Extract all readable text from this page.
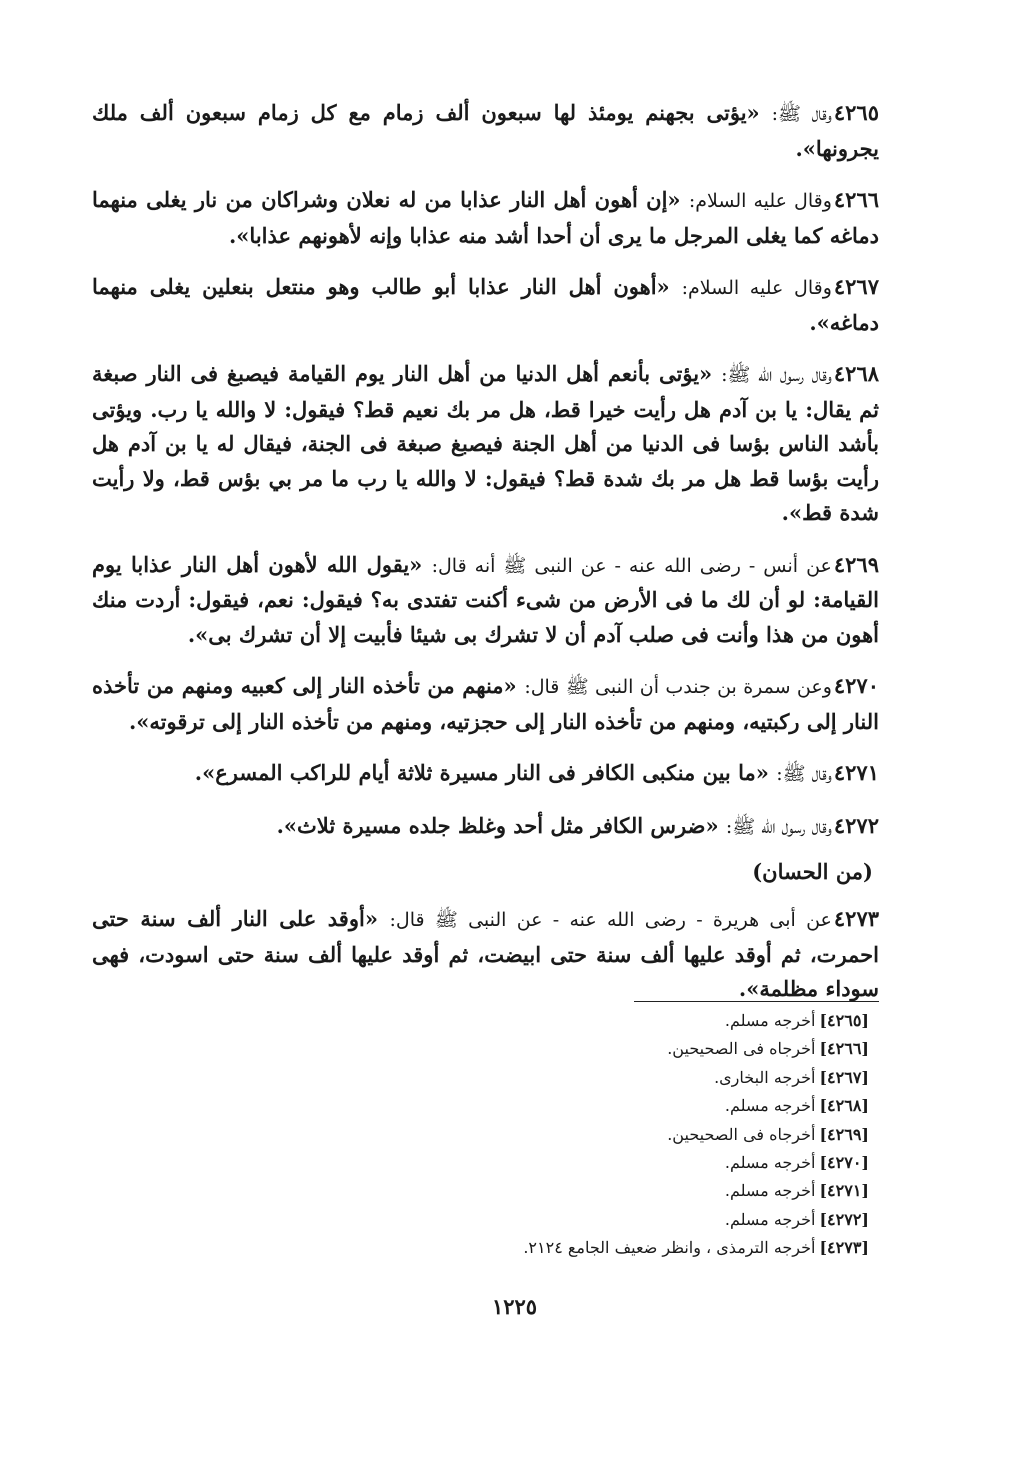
٤٢٦٥وقال ﷺ: «يؤتى بجهنم يومئذ لها سبعون ألف زمام مع كل زمام سبعون ألف ملك يجرونها».
٤٢٦٦وقال عليه السلام: «إن أهون أهل النار عذابا من له نعلان وشراكان من نار يغلى منهما دماغه كما يغلى المرجل ما يرى أن أحدا أشد منه عذابا وإنه لأهونهم عذابا».
٤٢٦٧وقال عليه السلام: «أهون أهل النار عذابا أبو طالب وهو منتعل بنعلين يغلى منهما دماغه».
٤٢٦٨وقال رسول الله ﷺ: «يؤتى بأنعم أهل الدنيا من أهل النار يوم القيامة فيصبغ فى النار صبغة ثم يقال: يا بن آدم هل رأيت خيرا قط، هل مر بك نعيم قط؟ فيقول: لا والله يا رب. ويؤتى بأشد الناس بؤسا فى الدنيا من أهل الجنة فيصبغ صبغة فى الجنة، فيقال له يا بن آدم هل رأيت بؤسا قط هل مر بك شدة قط؟ فيقول: لا والله يا رب ما مر بي بؤس قط، ولا رأيت شدة قط».
٤٢٦٩عن أنس - رضى الله عنه - عن النبى ﷺ أنه قال: «يقول الله لأهون أهل النار عذابا يوم القيامة: لو أن لك ما فى الأرض من شىء أكنت تفتدى به؟ فيقول: نعم، فيقول: أردت منك أهون من هذا وأنت فى صلب آدم أن لا تشرك بى شيئا فأبيت إلا أن تشرك بى».
٤٢٧٠وعن سمرة بن جندب أن النبى ﷺ قال: «منهم من تأخذه النار إلى كعبيه ومنهم من تأخذه النار إلى ركبتيه، ومنهم من تأخذه النار إلى حجزتيه، ومنهم من تأخذه النار إلى ترقوته».
٤٢٧١وقال ﷺ: «ما بين منكبى الكافر فى النار مسيرة ثلاثة أيام للراكب المسرع».
٤٢٧٢وقال رسول الله ﷺ: «ضرس الكافر مثل أحد وغلظ جلده مسيرة ثلاث».
(من الحسان)
٤٢٧٣عن أبى هريرة - رضى الله عنه - عن النبى ﷺ قال: «أوقد على النار ألف سنة حتى احمرت، ثم أوقد عليها ألف سنة حتى ابيضت، ثم أوقد عليها ألف سنة حتى اسودت، فهى سوداء مظلمة».
[٤٢٦٥]أخرجه مسلم.
[٤٢٦٦]أخرجاه فى الصحيحين.
[٤٢٦٧]أخرجه البخارى.
[٤٢٦٨]أخرجه مسلم.
[٤٢٦٩]أخرجاه فى الصحيحين.
[٤٢٧٠]أخرجه مسلم.
[٤٢٧١]أخرجه مسلم.
[٤٢٧٢]أخرجه مسلم.
[٤٢٧٣]أخرجه الترمذى ، وانظر ضعيف الجامع ٢١٢٤.
١٢٢٥
